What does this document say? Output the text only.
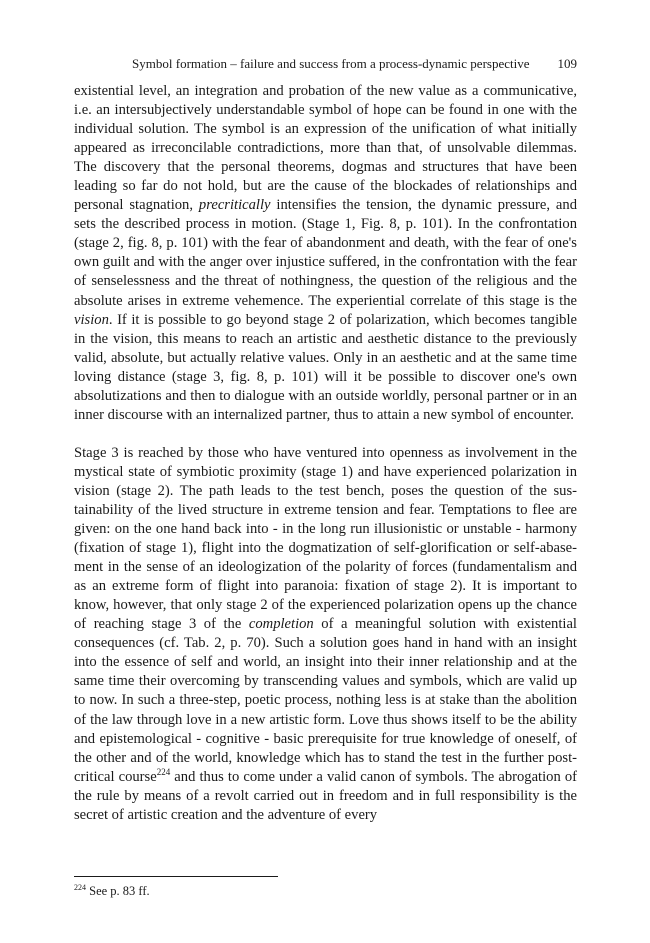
Symbol formation – failure and success from a process-dynamic perspective 109

existential level, an integration and probation of the new value as a communicative, i.e. an intersubjectively understandable symbol of hope can be found in one with the individual solution. The symbol is an expression of the unification of what initially appeared as irreconcilable contradictions, more than that, of unsolvable dilemmas. The discovery that the personal theorems, dogmas and structures that have been leading so far do not hold, but are the cause of the blockades of relationships and personal stagnation, precritically intensifies the tension, the dynamic pressure, and sets the described process in motion. (Stage 1, Fig. 8, p. 101). In the confrontation (stage 2, fig. 8, p. 101) with the fear of abandonment and death, with the fear of one's own guilt and with the anger over injustice suffered, in the confrontation with the fear of senselessness and the threat of nothingness, the question of the religious and the absolute arises in extreme vehemence. The experiential correlate of this stage is the vision. If it is possible to go beyond stage 2 of polarization, which becomes tangible in the vision, this means to reach an artistic and aesthetic distance to the previously valid, absolute, but actually relative values. Only in an aesthetic and at the same time loving distance (stage 3, fig. 8, p. 101) will it be possible to discover one's own absolutizations and then to dialogue with an outside worldly, personal partner or in an inner discourse with an internalized partner, thus to attain a new symbol of encounter.

Stage 3 is reached by those who have ventured into openness as involvement in the mystical state of symbiotic proximity (stage 1) and have experienced polarization in vision (stage 2). The path leads to the test bench, poses the question of the sustainability of the lived structure in extreme tension and fear. Temptations to flee are given: on the one hand back into - in the long run illusionistic or unstable - harmony (fixation of stage 1), flight into the dogmatization of self-glorification or self-abasement in the sense of an ideologization of the polarity of forces (fundamentalism and as an extreme form of flight into paranoia: fixation of stage 2). It is important to know, however, that only stage 2 of the experienced polarization opens up the chance of reaching stage 3 of the completion of a meaningful solution with existential consequences (cf. Tab. 2, p. 70). Such a solution goes hand in hand with an insight into the essence of self and world, an insight into their inner relationship and at the same time their overcoming by transcending values and symbols, which are valid up to now. In such a three-step, poetic process, nothing less is at stake than the abolition of the law through love in a new artistic form. Love thus shows itself to be the ability and epistemological - cognitive - basic prerequisite for true knowledge of oneself, of the other and of the world, knowledge which has to stand the test in the further post-critical course$^{224}$ and thus to come under a valid canon of symbols. The abrogation of the rule by means of a revolt carried out in freedom and in full responsibility is the secret of artistic creation and the adventure of every

$^{224}$ See p. 83 ff.
